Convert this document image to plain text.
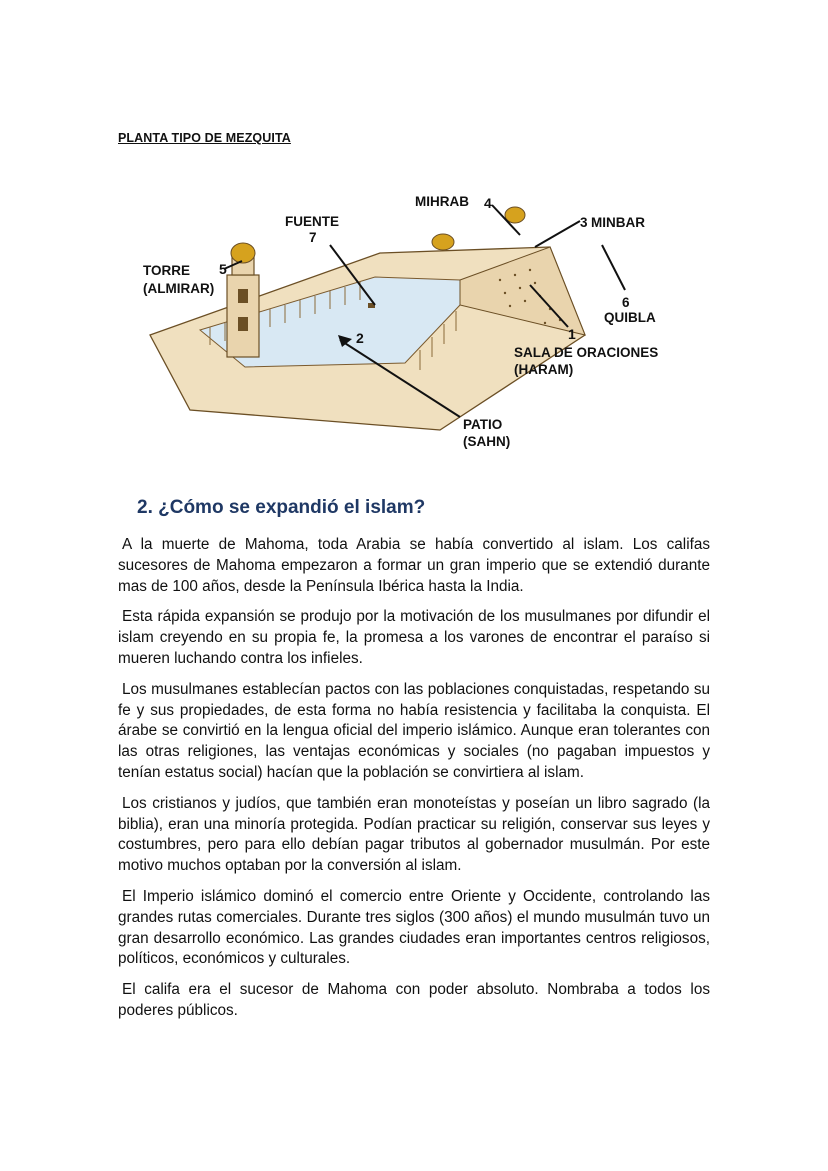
PLANTA TIPO DE MEZQUITA
MIHRAB 4
FUENTE
7
3 MINBAR
TORRE 5
(ALMIRAR)
6
QUIBLA
1
SALA DE ORACIONES
(HARAM)
2
PATIO
(SAHN)
2. ¿Cómo se expandió el islam?

A la muerte de Mahoma, toda Arabia se había convertido al islam. Los califas sucesores de Mahoma empezaron a formar un gran imperio que se extendió durante mas de 100 años, desde la Península Ibérica hasta la India.

Esta rápida expansión se produjo por la motivación de los musulmanes por difundir el islam creyendo en su propia fe, la promesa a los varones de encontrar el paraíso si mueren luchando contra los infieles.

Los musulmanes establecían pactos con las poblaciones conquistadas, respetando su fe y sus propiedades, de esta forma no había resistencia y facilitaba la conquista. El árabe se convirtió en la lengua oficial del imperio islámico. Aunque eran tolerantes con las otras religiones, las ventajas económicas y sociales (no pagaban impuestos y tenían estatus social) hacían que la población se convirtiera al islam.

Los cristianos y judíos, que también eran monoteístas y poseían un libro sagrado (la biblia), eran una minoría protegida. Podían practicar su religión, conservar sus leyes y costumbres, pero para ello debían pagar tributos al gobernador musulmán. Por este motivo muchos optaban por la conversión al islam.

El Imperio islámico dominó el comercio entre Oriente y Occidente, controlando las grandes rutas comerciales. Durante tres siglos (300 años) el mundo musulmán tuvo un gran desarrollo económico. Las grandes ciudades eran importantes centros religiosos, políticos, económicos y culturales.

El califa era el sucesor de Mahoma con poder absoluto. Nombraba a todos los poderes públicos.
